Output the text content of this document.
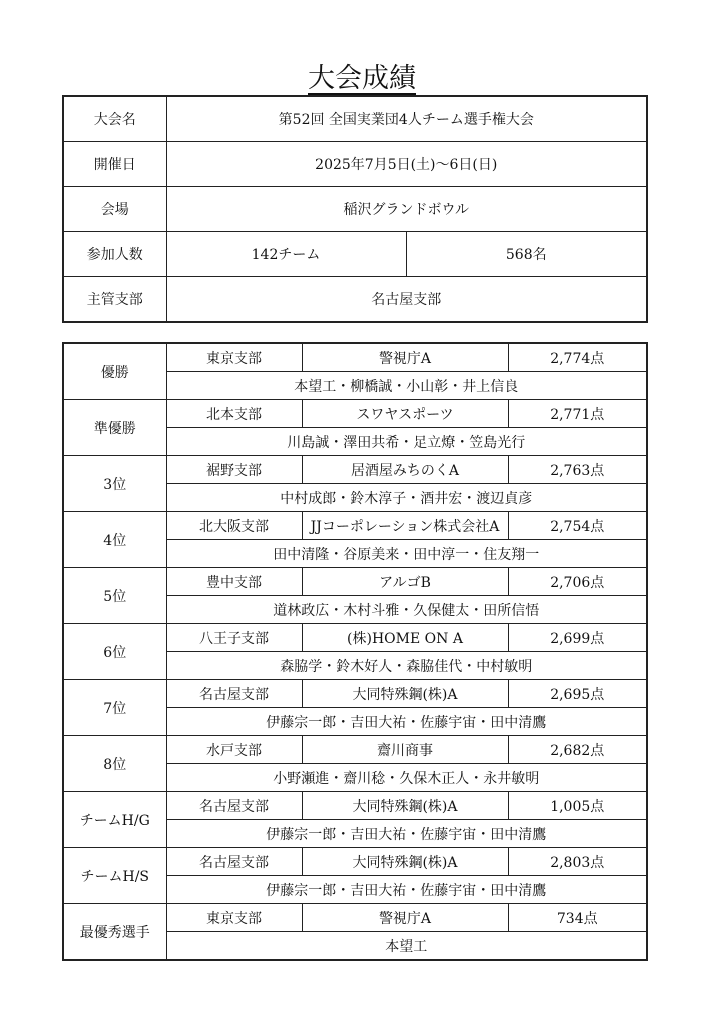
大会成績
大会名	第52回 全国実業団4人チーム選手権大会	
開催日	2025年7月5日(土)～6日(日)	
会場	稲沢グランドボウル	
参加人数	142チーム	568名
主管支部	名古屋支部	
優勝	東京支部	警視庁A	2,774点
	本望工・柳橋誠・小山彰・井上信良		
準優勝	北本支部	スワヤスポーツ	2,771点
	川島誠・澤田共希・足立燎・笠島光行		
3位	裾野支部	居酒屋みちのくA	2,763点
	中村成郎・鈴木淳子・酒井宏・渡辺貞彦		
4位	北大阪支部	JJコーポレーション株式会社A	2,754点
	田中清隆・谷原美来・田中淳一・住友翔一		
5位	豊中支部	アルゴB	2,706点
	道林政広・木村斗雅・久保健太・田所信悟		
6位	八王子支部	(株)HOME ON A	2,699点
	森脇学・鈴木好人・森脇佳代・中村敏明		
7位	名古屋支部	大同特殊鋼(株)A	2,695点
	伊藤宗一郎・吉田大祐・佐藤宇宙・田中清鷹		
8位	水戸支部	齋川商事	2,682点
	小野瀬進・齋川稔・久保木正人・永井敏明		
チームH/G	名古屋支部	大同特殊鋼(株)A	1,005点
	伊藤宗一郎・吉田大祐・佐藤宇宙・田中清鷹		
チームH/S	名古屋支部	大同特殊鋼(株)A	2,803点
	伊藤宗一郎・吉田大祐・佐藤宇宙・田中清鷹		
最優秀選手	東京支部	警視庁A	734点
	本望工		
